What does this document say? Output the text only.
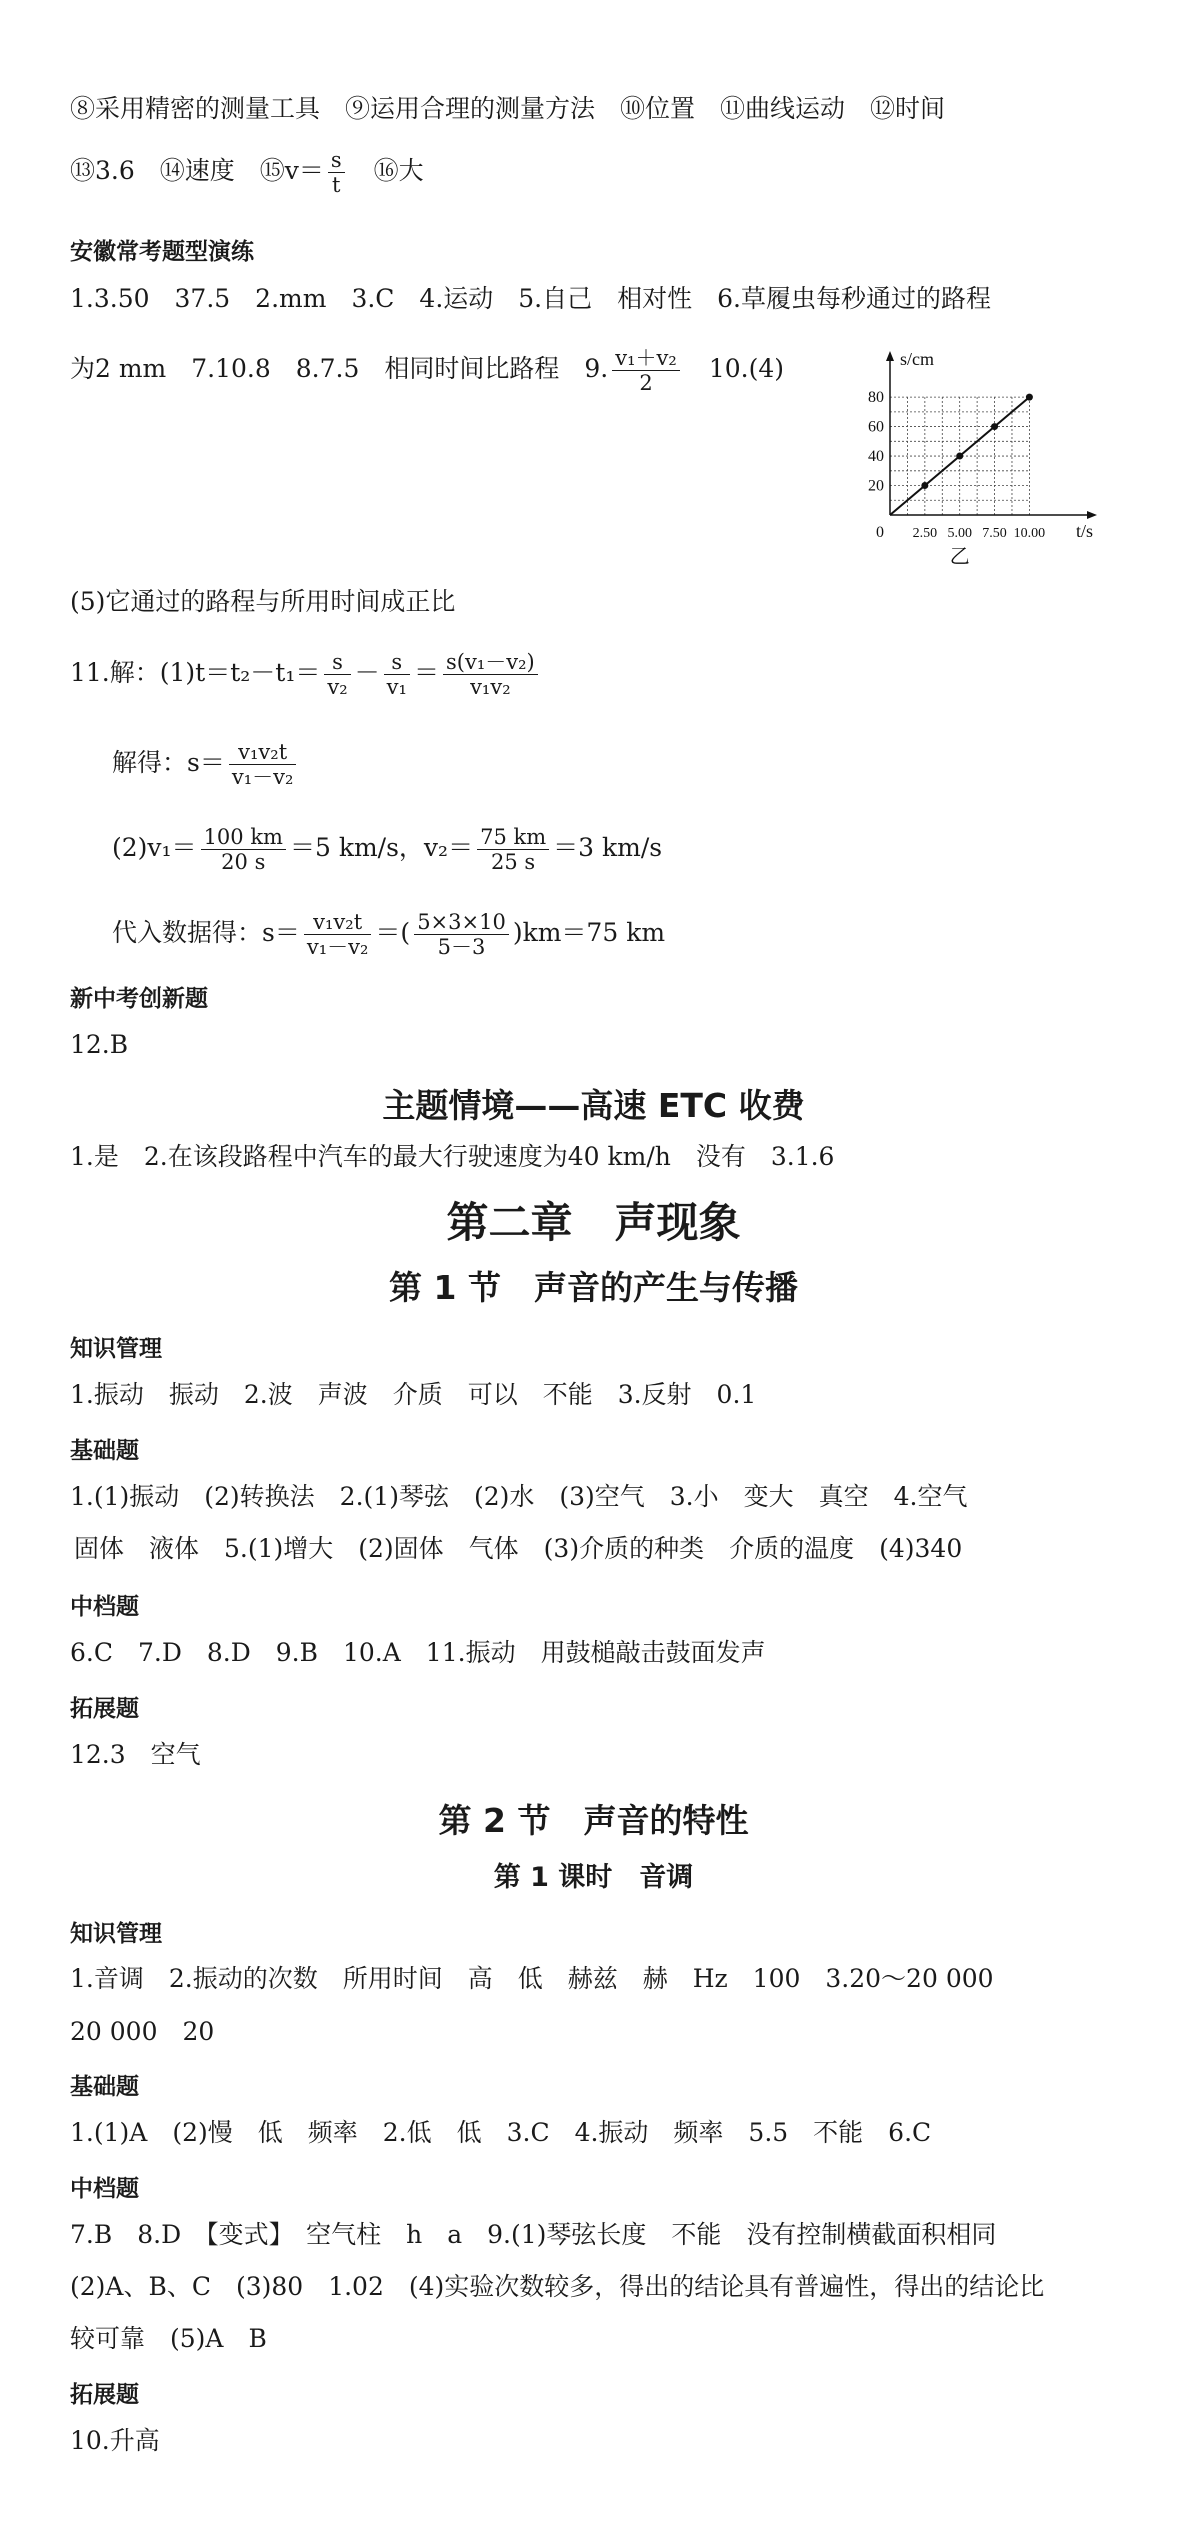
⑧采用精密的测量工具　⑨运用合理的测量方法　⑩位置　⑪曲线运动　⑫时间
⑬3.6　⑭速度　⑮v＝ $\frac{s}{t}$ 　⑯大
安徽常考题型演练
1.3.50　37.5　2.mm　3.C　4.运动　5.自己　相对性　6.草履虫每秒通过的路程
为2 mm　7.10.8　8.7.5　相同时间比路程　9. $\frac{\text{v₁＋v₂}}{2}$ 　10.(4)	s/cm
t/s
0
20
40
60
80
2.50 5.00 7.50 10.00
乙
(5)它通过的路程与所用时间成正比
11.解：$(1)t=t_2-t_1= \frac{s}{\text{v₂}} - \frac{s}{\text{v₁}} = \frac{\text{s(v₁－v₂)}}{\text{v₁v₂}}$
解得：$s= \frac{\text{v₁v₂t}}{\text{v₁－v₂}}$
$(2)v_1= \frac{100 km}{20 s} =5$ km/s，$v_2= \frac{75 km}{25 s} =3$ km/s
代入数据得：$s= \frac{\text{v₁v₂t}}{\text{v₁－v₂}}$ ＝( $\frac{5\times 3\times 10}{5-3} )km=75$ km
新中考创新题
12.B
主题情境——高速 ETC 收费
1.是　2.在该段路程中汽车的最大行驶速度为40 km/h　没有　3.1.6
第二章　声现象
第 1 节　声音的产生与传播
知识管理
1.振动　振动　2.波　声波　介质　可以　不能　3.反射　0.1
基础题
1.(1)振动　(2)转换法　2.(1)琴弦　(2)水　(3)空气　3.小　变大　真空　4.空气
固体　液体　5.(1)增大　(2)固体　气体　(3)介质的种类　介质的温度　(4)340
中档题
6.C　7.D　8.D　9.B　10.A　11.振动　用鼓槌敲击鼓面发声
拓展题
12.3　空气
第 2 节　声音的特性
第 1 课时　音调
知识管理
1.音调　2.振动的次数　所用时间　高　低　赫兹　赫　Hz　100　3.20～20 000
20 000　20
基础题
1.(1)A　(2)慢　低　频率　2.低　低　3.C　4.振动　频率　5.5　不能　6.C
中档题
7.B　8.D　【变式】　空气柱　h　a　9.(1)琴弦长度　不能　没有控制横截面积相同
(2)A、B、C　(3)80　1.02　(4)实验次数较多，得出的结论具有普遍性，得出的结论比
较可靠　(5)A　B
拓展题
10.升高
